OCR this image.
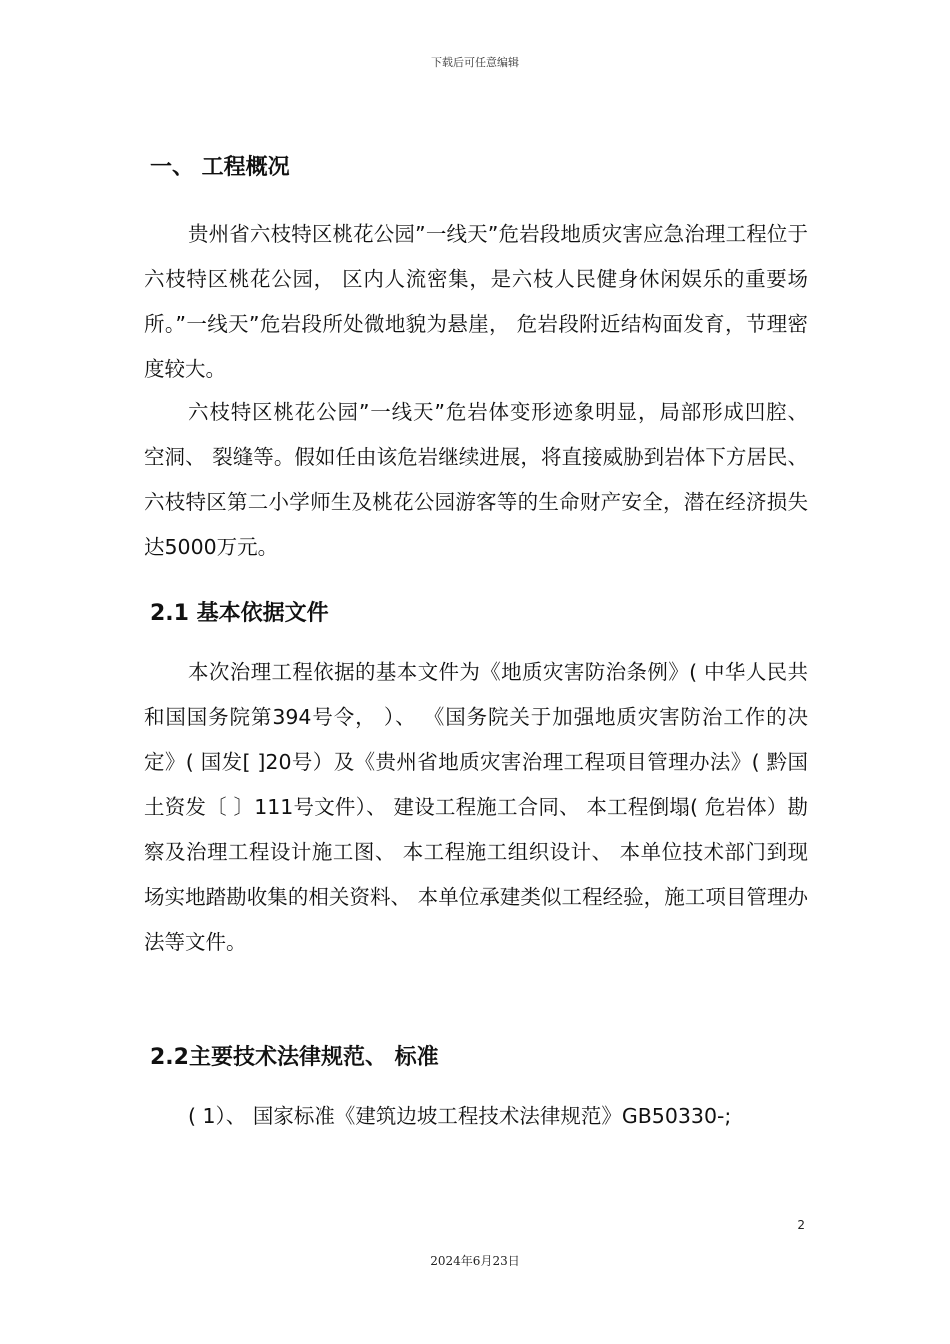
下载后可任意编辑
一、 工程概况
贵州省六枝特区桃花公园”一线天”危岩段地质灾害应急治理工程位于六枝特区桃花公园， 区内人流密集，是六枝人民健身休闲娱乐的重要场所。”一线天”危岩段所处微地貌为悬崖， 危岩段附近结构面发育，节理密度较大。
六枝特区桃花公园”一线天”危岩体变形迹象明显，局部形成凹腔、 空洞、 裂缝等。假如任由该危岩继续进展，将直接威胁到岩体下方居民、 六枝特区第二小学师生及桃花公园游客等的生命财产安全，潜在经济损失达5000万元。
2.1 基本依据文件
本次治理工程依据的基本文件为《地质灾害防治条例》( 中华人民共和国国务院第394号令， ）、 《国务院关于加强地质灾害防治工作的决定》( 国发[ ]20号）及《贵州省地质灾害治理工程项目管理办法》( 黔国土资发〔 〕111号文件）、 建设工程施工合同、 本工程倒塌( 危岩体）勘察及治理工程设计施工图、 本工程施工组织设计、 本单位技术部门到现场实地踏勘收集的相关资料、 本单位承建类似工程经验，施工项目管理办法等文件。
2.2主要技术法律规范、 标准
( 1）、 国家标准《建筑边坡工程技术法律规范》GB50330-;
2
2024年6月23日
